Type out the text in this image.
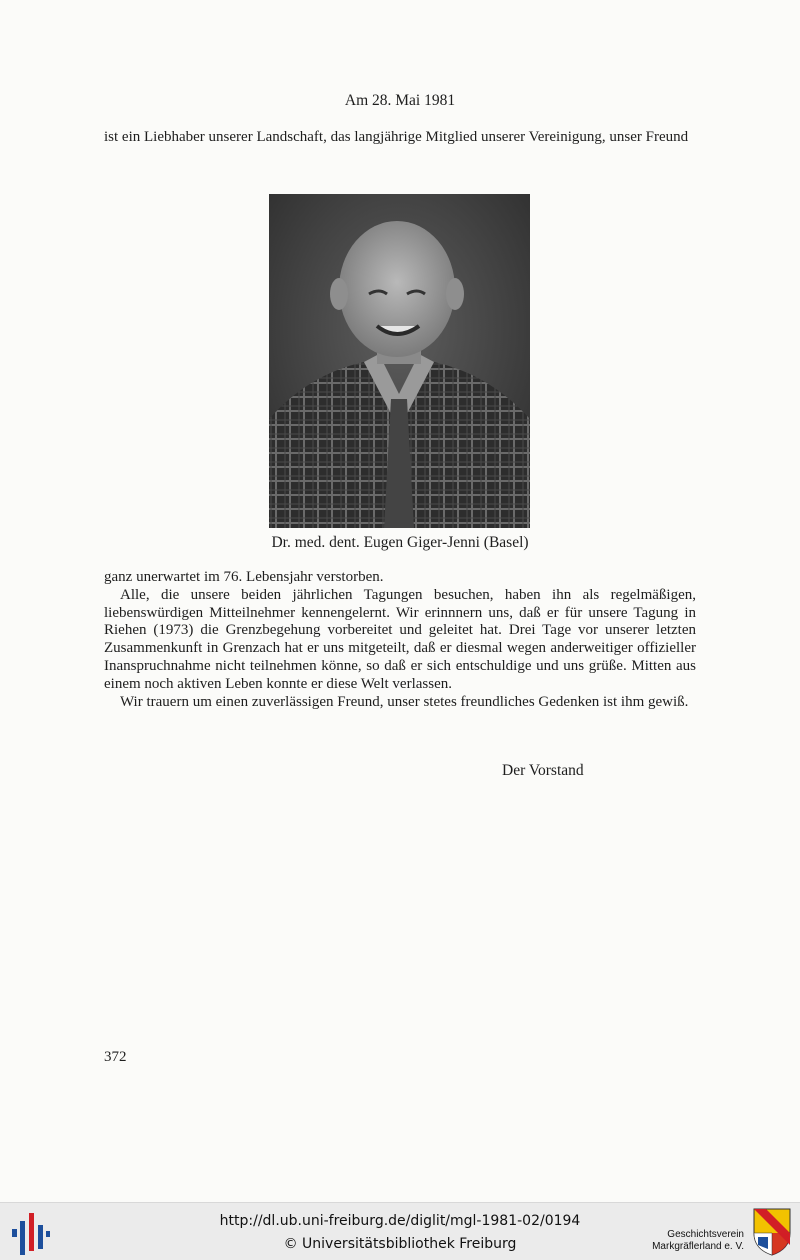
Am 28. Mai 1981

ist ein Liebhaber unserer Landschaft, das langjährige Mitglied unserer Vereinigung, unser Freund

Dr. med. dent. Eugen Giger-Jenni (Basel)

ganz unerwartet im 76. Lebensjahr verstorben.

Alle, die unsere beiden jährlichen Tagungen besuchen, haben ihn als regelmäßigen, liebenswürdigen Mitteilnehmer kennengelernt. Wir erinnnern uns, daß er für unsere Tagung in Riehen (1973) die Grenzbegehung vorbereitet und geleitet hat. Drei Tage vor unserer letzten Zusammenkunft in Grenzach hat er uns mitgeteilt, daß er diesmal wegen anderweitiger offizieller Inanspruchnahme nicht teilnehmen könne, so daß er sich entschuldige und uns grüße. Mitten aus einem noch aktiven Leben konnte er diese Welt verlassen.

Wir trauern um einen zuverlässigen Freund, unser stetes freundliches Gedenken ist ihm gewiß.

Der Vorstand
372
http://dl.ub.uni-freiburg.de/diglit/mgl-1981-02/0194
© Universitätsbibliothek Freiburg
Geschichtsverein
Markgräflerland e. V.
